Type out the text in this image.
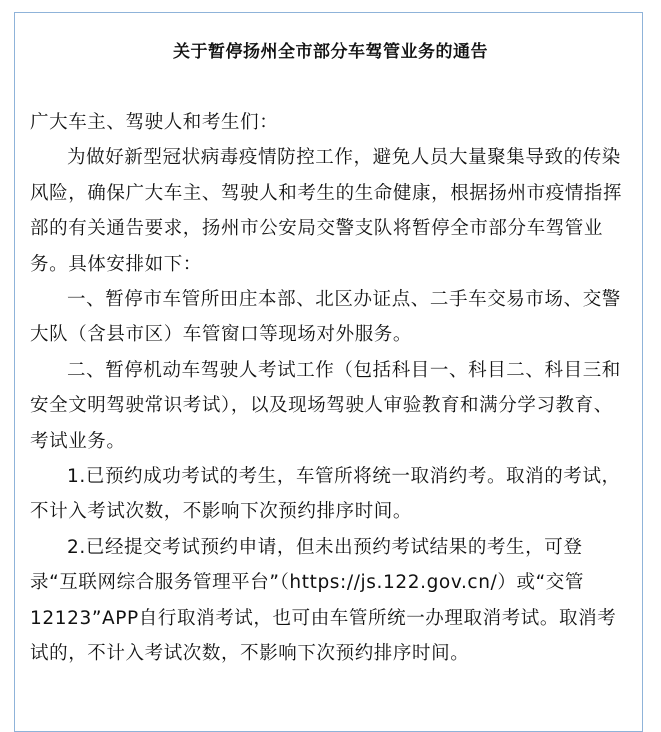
关于暂停扬州全市部分车驾管业务的通告

广大车主、驾驶人和考生们：

为做好新型冠状病毒疫情防控工作，避免人员大量聚集导致的传染风险，确保广大车主、驾驶人和考生的生命健康，根据扬州市疫情指挥部的有关通告要求，扬州市公安局交警支队将暂停全市部分车驾管业务。具体安排如下：

一、暂停市车管所田庄本部、北区办证点、二手车交易市场、交警大队（含县市区）车管窗口等现场对外服务。

二、暂停机动车驾驶人考试工作（包括科目一、科目二、科目三和安全文明驾驶常识考试），以及现场驾驶人审验教育和满分学习教育、考试业务。

1.已预约成功考试的考生，车管所将统一取消约考。取消的考试，不计入考试次数，不影响下次预约排序时间。

2.已经提交考试预约申请，但未出预约考试结果的考生，可登录“互联网综合服务管理平台”（https://js.122.gov.cn/）或“交管12123”APP自行取消考试，也可由车管所统一办理取消考试。取消考试的，不计入考试次数，不影响下次预约排序时间。
